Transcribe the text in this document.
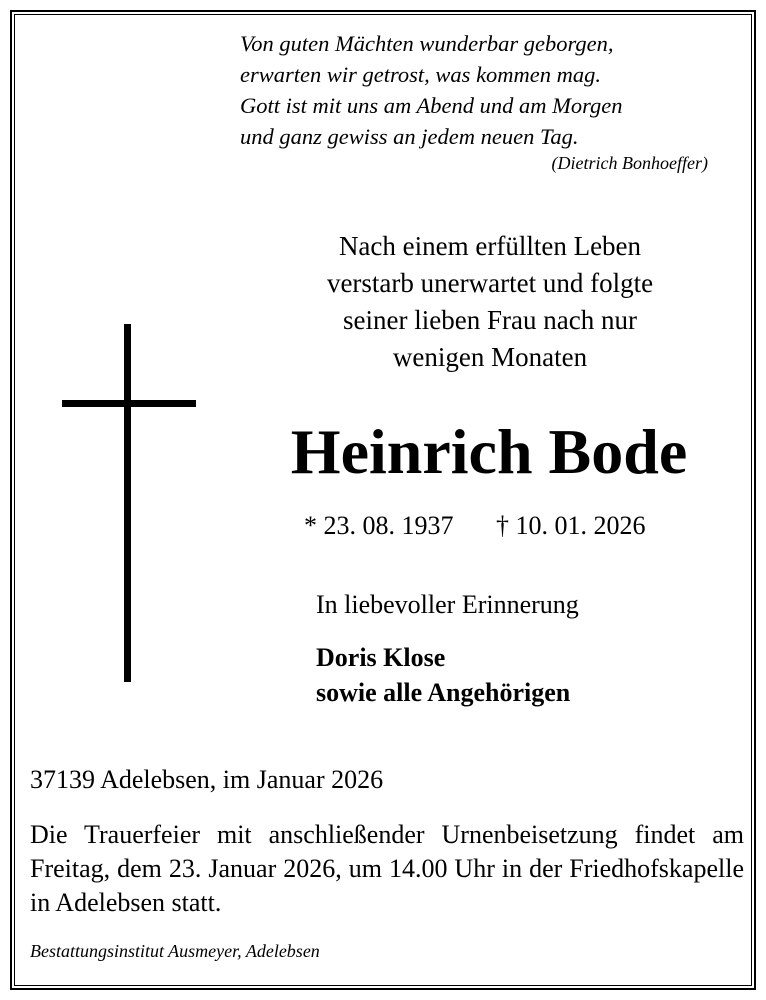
Von guten Mächten wunderbar geborgen,
erwarten wir getrost, was kommen mag.
Gott ist mit uns am Abend und am Morgen
und ganz gewiss an jedem neuen Tag.
(Dietrich Bonhoeffer)
Nach einem erfüllten Leben
verstarb unerwartet und folgte
seiner lieben Frau nach nur
wenigen Monaten
Heinrich Bode
* 23. 08. 1937 † 10. 01. 2026
In liebevoller Erinnerung
Doris Klose
sowie alle Angehörigen
37139 Adelebsen, im Januar 2026
Die Trauerfeier mit anschließender Urnenbeisetzung findet am Freitag, dem 23. Januar 2026, um 14.00 Uhr in der Friedhofskapelle in Adelebsen statt.
Bestattungsinstitut Ausmeyer, Adelebsen
